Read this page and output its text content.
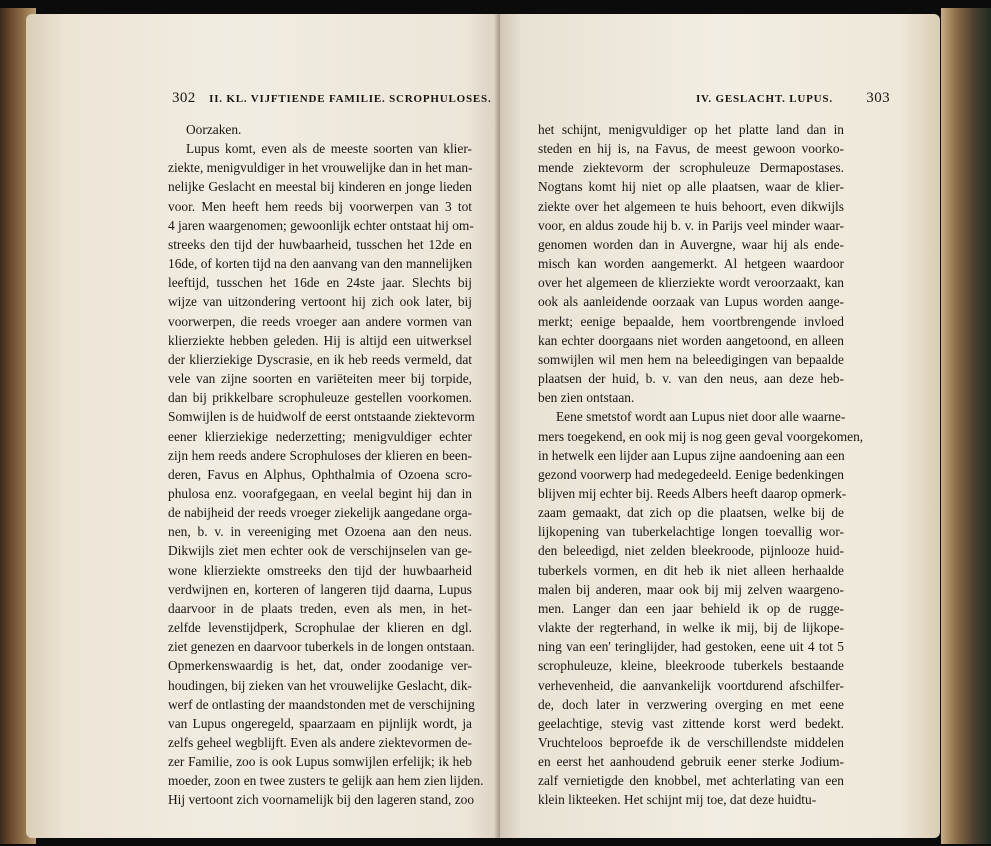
302 II. KL. VIJFTIENDE FAMILIE. SCROPHULOSES.
Oorzaken.
Lupus komt, even als de meeste soorten van klier-
ziekte, menigvuldiger in het vrouwelijke dan in het man-
nelijke Geslacht en meestal bij kinderen en jonge lieden
voor. Men heeft hem reeds bij voorwerpen van 3 tot
4 jaren waargenomen; gewoonlijk echter ontstaat hij om-
streeks den tijd der huwbaarheid, tusschen het 12de en
16de, of korten tijd na den aanvang van den mannelijken
leeftijd, tusschen het 16de en 24ste jaar. Slechts bij
wijze van uitzondering vertoont hij zich ook later, bij
voorwerpen, die reeds vroeger aan andere vormen van
klierziekte hebben geleden. Hij is altijd een uitwerksel
der klierziekige Dyscrasie, en ik heb reeds vermeld, dat
vele van zijne soorten en variëteiten meer bij torpide,
dan bij prikkelbare scrophuleuze gestellen voorkomen.
Somwijlen is de huidwolf de eerst ontstaande ziektevorm
eener klierziekige nederzetting; menigvuldiger echter
zijn hem reeds andere Scrophuloses der klieren en been-
deren, Favus en Alphus, Ophthalmia of Ozoena scro-
phulosa enz. voorafgegaan, en veelal begint hij dan in
de nabijheid der reeds vroeger ziekelijk aangedane orga-
nen, b. v. in vereeniging met Ozoena aan den neus.
Dikwijls ziet men echter ook de verschijnselen van ge-
wone klierziekte omstreeks den tijd der huwbaarheid
verdwijnen en, korteren of langeren tijd daarna, Lupus
daarvoor in de plaats treden, even als men, in het-
zelfde levenstijdperk, Scrophulae der klieren en dgl.
ziet genezen en daarvoor tuberkels in de longen ontstaan.
Opmerkenswaardig is het, dat, onder zoodanige ver-
houdingen, bij zieken van het vrouwelijke Geslacht, dik-
werf de ontlasting der maandstonden met de verschijning
van Lupus ongeregeld, spaarzaam en pijnlijk wordt, ja
zelfs geheel wegblijft. Even als andere ziektevormen de-
zer Familie, zoo is ook Lupus somwijlen erfelijk; ik heb
moeder, zoon en twee zusters te gelijk aan hem zien lijden.
Hij vertoont zich voornamelijk bij den lageren stand, zoo
IV. GESLACHT. LUPUS. 303
het schijnt, menigvuldiger op het platte land dan in
steden en hij is, na Favus, de meest gewoon voorko-
mende ziektevorm der scrophuleuze Dermapostases.
Nogtans komt hij niet op alle plaatsen, waar de klier-
ziekte over het algemeen te huis behoort, even dikwijls
voor, en aldus zoude hij b. v. in Parijs veel minder waar-
genomen worden dan in Auvergne, waar hij als ende-
misch kan worden aangemerkt. Al hetgeen waardoor
over het algemeen de klierziekte wordt veroorzaakt, kan
ook als aanleidende oorzaak van Lupus worden aange-
merkt; eenige bepaalde, hem voortbrengende invloed
kan echter doorgaans niet worden aangetoond, en alleen
somwijlen wil men hem na beleedigingen van bepaalde
plaatsen der huid, b. v. van den neus, aan deze heb-
ben zien ontstaan.
Eene smetstof wordt aan Lupus niet door alle waarne-
mers toegekend, en ook mij is nog geen geval voorgekomen,
in hetwelk een lijder aan Lupus zijne aandoening aan een
gezond voorwerp had medegedeeld. Eenige bedenkingen
blijven mij echter bij. Reeds Albers heeft daarop opmerk-
zaam gemaakt, dat zich op die plaatsen, welke bij de
lijkopening van tuberkelachtige longen toevallig wor-
den beleedigd, niet zelden bleekroode, pijnlooze huid-
tuberkels vormen, en dit heb ik niet alleen herhaalde
malen bij anderen, maar ook bij mij zelven waargeno-
men. Langer dan een jaar behield ik op de rugge-
vlakte der regterhand, in welke ik mij, bij de lijkope-
ning van een' teringlijder, had gestoken, eene uit 4 tot 5
scrophuleuze, kleine, bleekroode tuberkels bestaande
verhevenheid, die aanvankelijk voortdurend afschilfer-
de, doch later in verzwering overging en met eene
geelachtige, stevig vast zittende korst werd bedekt.
Vruchteloos beproefde ik de verschillendste middelen
en eerst het aanhoudend gebruik eener sterke Jodium-
zalf vernietigde den knobbel, met achterlating van een
klein likteeken. Het schijnt mij toe, dat deze huidtu-
